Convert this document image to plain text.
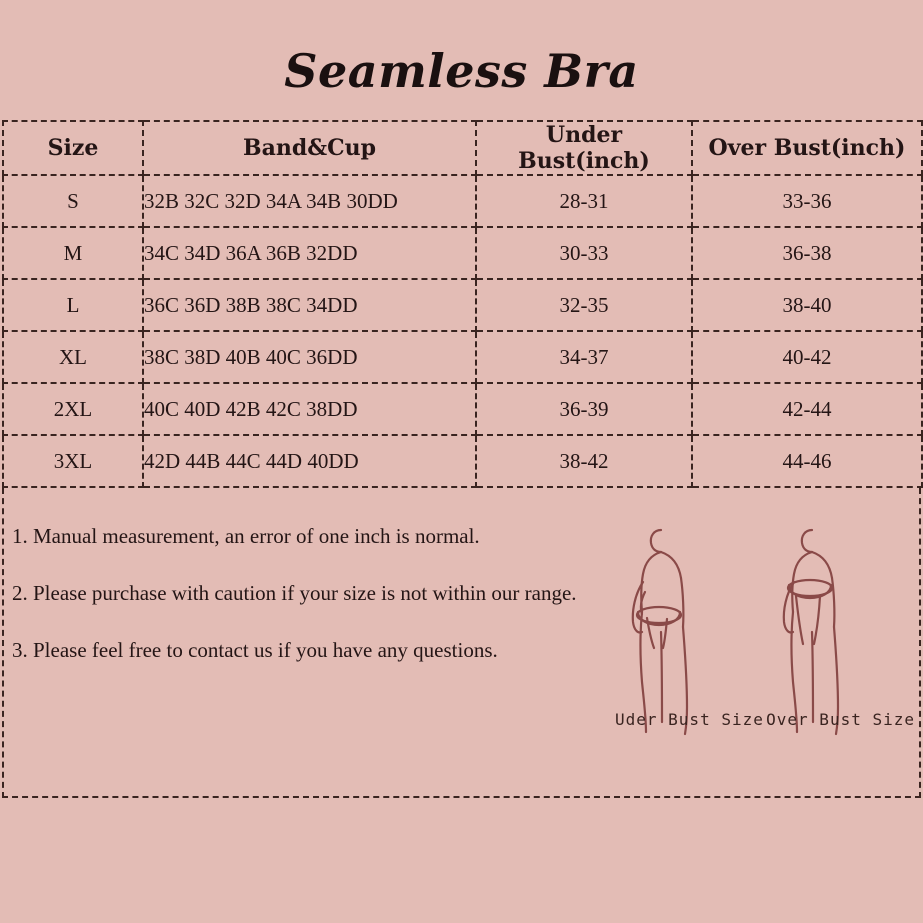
Seamless Bra
Size	Band&Cup	Under Bust(inch)	Over Bust(inch)
S	32B 32C 32D 34A 34B 30DD	28-31	33-36
M	34C 34D 36A 36B 32DD	30-33	36-38
L	36C 36D 38B 38C 34DD	32-35	38-40
XL	38C 38D 40B 40C 36DD	34-37	40-42
2XL	40C 40D 42B 42C 38DD	36-39	42-44
3XL	42D 44B 44C 44D 40DD	38-42	44-46
1. Manual measurement, an error of one inch is normal.
2. Please purchase with caution if your size is not within our range.
3. Please feel free to contact us if you have any questions.
Uder Bust Size Over Bust Size
